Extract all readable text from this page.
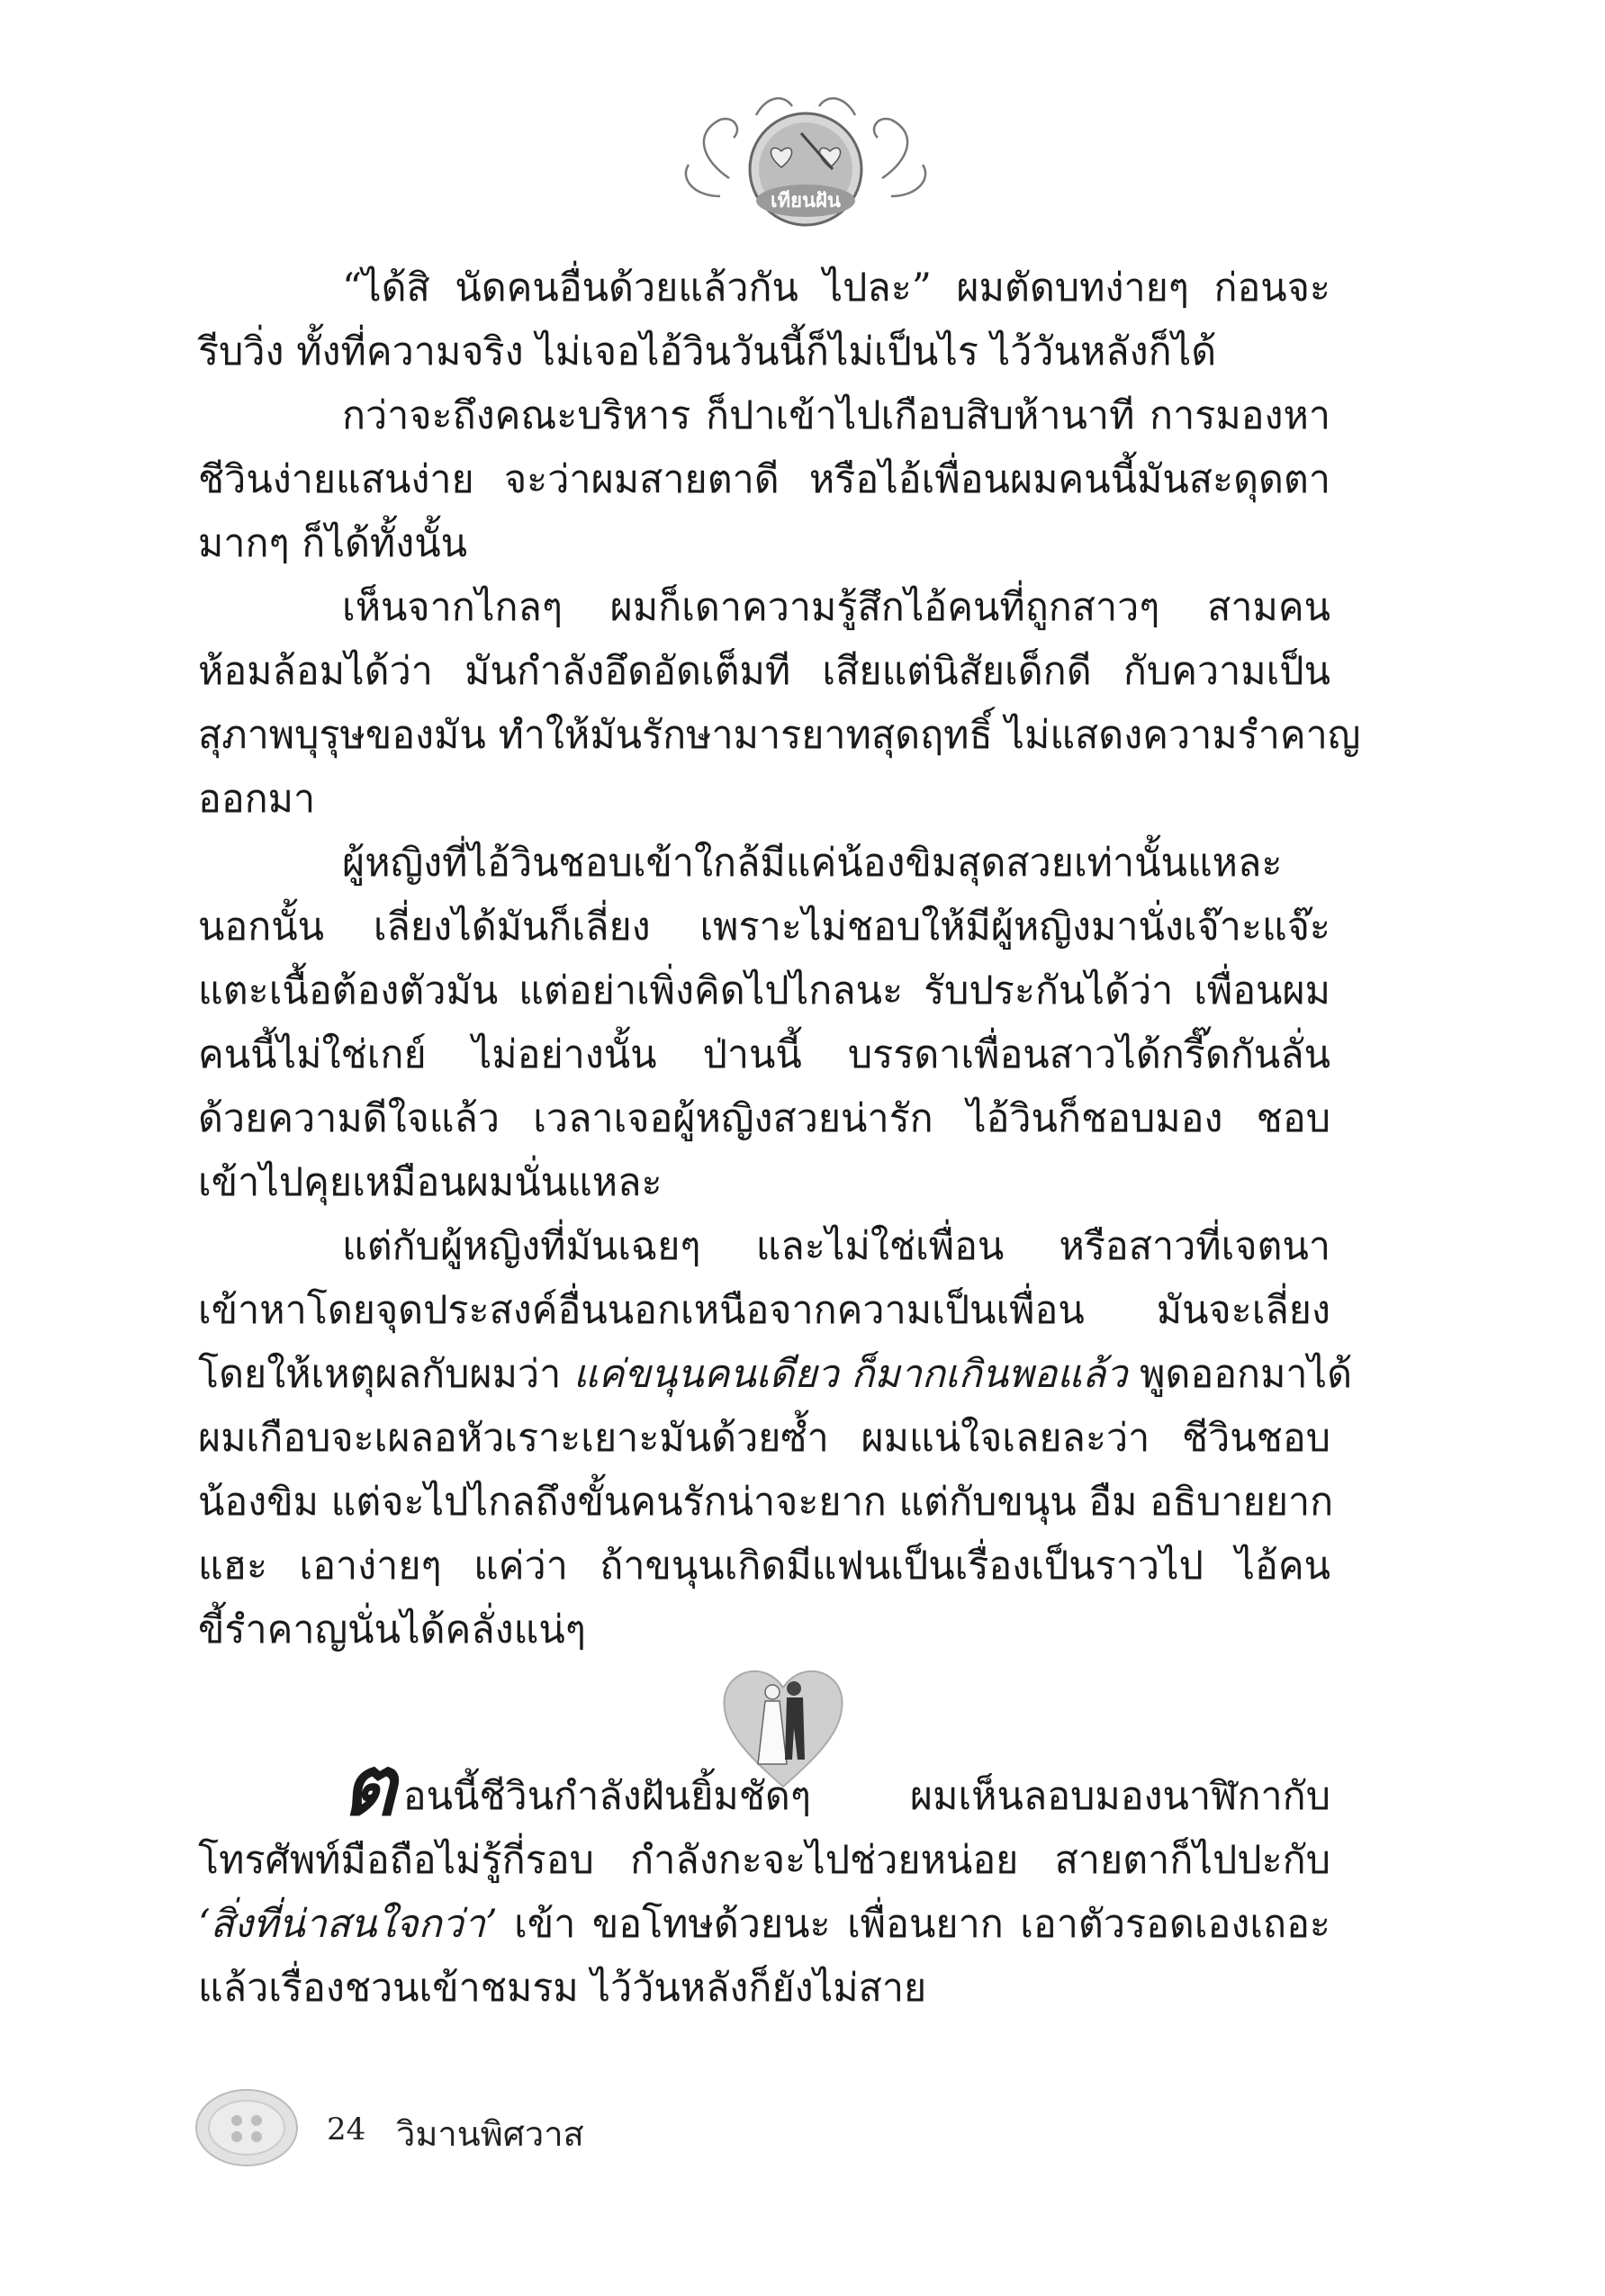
เทียนฝัน
“ได้สิ นัดคนอื่นด้วยแล้วกัน ไปละ” ผมตัดบทง่ายๆ ก่อนจะ
รีบวิ่ง ทั้งที่ความจริง ไม่เจอไอ้วินวันนี้ก็ไม่เป็นไร ไว้วันหลังก็ได้
กว่าจะถึงคณะบริหาร ก็ปาเข้าไปเกือบสิบห้านาที การมองหา
ชีวินง่ายแสนง่าย จะว่าผมสายตาดี หรือไอ้เพื่อนผมคนนี้มันสะดุดตา
มากๆ ก็ได้ทั้งนั้น
เห็นจากไกลๆ ผมก็เดาความรู้สึกไอ้คนที่ถูกสาวๆ สามคน
ห้อมล้อมได้ว่า มันกำลังอึดอัดเต็มที เสียแต่นิสัยเด็กดี กับความเป็น
สุภาพบุรุษของมัน ทำให้มันรักษามารยาทสุดฤทธิ์ ไม่แสดงความรำคาญ
ออกมา
ผู้หญิงที่ไอ้วินชอบเข้าใกล้มีแค่น้องขิมสุดสวยเท่านั้นแหละ
นอกนั้น เลี่ยงได้มันก็เลี่ยง เพราะไม่ชอบให้มีผู้หญิงมานั่งเจ๊าะแจ๊ะ
แตะเนื้อต้องตัวมัน แต่อย่าเพิ่งคิดไปไกลนะ รับประกันได้ว่า เพื่อนผม
คนนี้ไม่ใช่เกย์ ไม่อย่างนั้น ป่านนี้ บรรดาเพื่อนสาวได้กรี๊ดกันลั่น
ด้วยความดีใจแล้ว เวลาเจอผู้หญิงสวยน่ารัก ไอ้วินก็ชอบมอง ชอบ
เข้าไปคุยเหมือนผมนั่นแหละ
แต่กับผู้หญิงที่มันเฉยๆ และไม่ใช่เพื่อน หรือสาวที่เจตนา
เข้าหาโดยจุดประสงค์อื่นนอกเหนือจากความเป็นเพื่อน มันจะเลี่ยง
โดยให้เหตุผลกับผมว่า แค่ขนุนคนเดียว ก็มากเกินพอแล้ว พูดออกมาได้
ผมเกือบจะเผลอหัวเราะเยาะมันด้วยซ้ำ ผมแน่ใจเลยละว่า ชีวินชอบ
น้องขิม แต่จะไปไกลถึงขั้นคนรักน่าจะยาก แต่กับขนุน อืม อธิบายยาก
แฮะ เอาง่ายๆ แค่ว่า ถ้าขนุนเกิดมีแฟนเป็นเรื่องเป็นราวไป ไอ้คน
ขี้รำคาญนั่นได้คลั่งแน่ๆ
ตอนนี้ชีวินกำลังฝันยิ้มชัดๆ ผมเห็นลอบมองนาฬิกากับ
โทรศัพท์มือถือไม่รู้กี่รอบ กำลังกะจะไปช่วยหน่อย สายตาก็ไปปะกับ
‘สิ่งที่น่าสนใจกว่า’ เข้า ขอโทษด้วยนะ เพื่อนยาก เอาตัวรอดเองเถอะ
แล้วเรื่องชวนเข้าชมรม ไว้วันหลังก็ยังไม่สาย
24 วิมานพิศวาส
